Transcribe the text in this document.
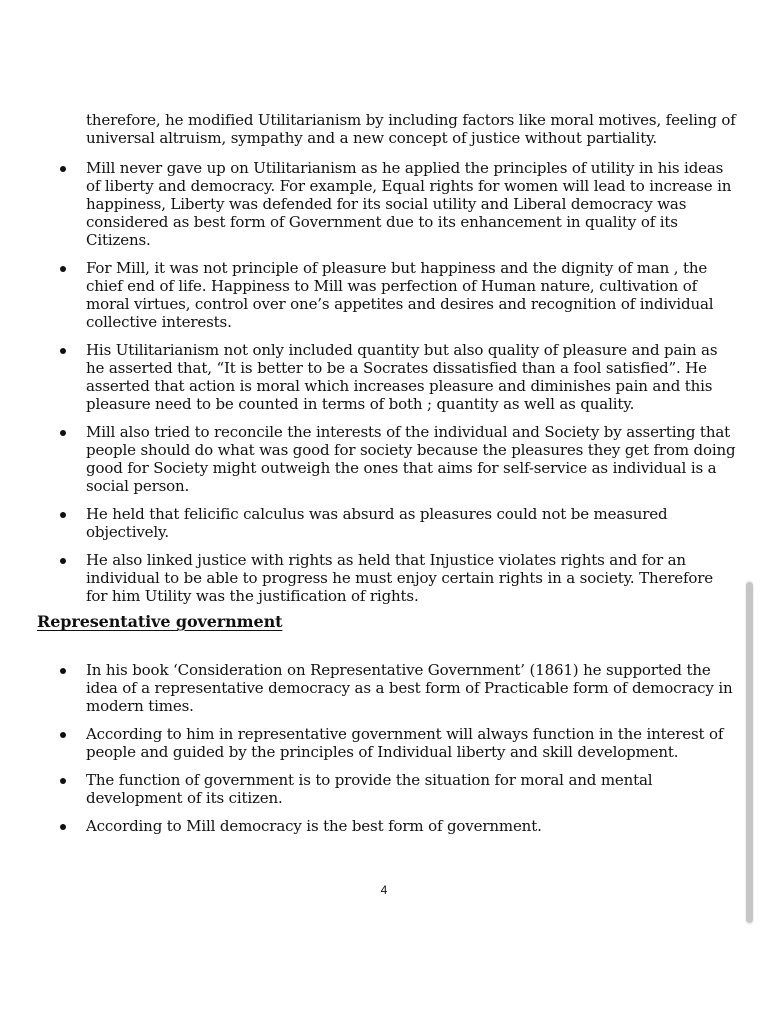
therefore, he modified Utilitarianism by including factors like moral motives, feeling of universal altruism, sympathy and a new concept of justice without partiality.

Mill never gave up on Utilitarianism as he applied the principles of utility in his ideas of liberty and democracy. For example, Equal rights for women will lead to increase in happiness, Liberty was defended for its social utility and Liberal democracy was considered as best form of Government due to its enhancement in quality of its Citizens.
For Mill, it was not principle of pleasure but happiness and the dignity of man , the chief end of life. Happiness to Mill was perfection of Human nature, cultivation of moral virtues, control over one’s appetites and desires and recognition of individual collective interests.
His Utilitarianism not only included quantity but also quality of pleasure and pain as he asserted that, “It is better to be a Socrates dissatisfied than a fool satisfied”. He asserted that action is moral which increases pleasure and diminishes pain and this pleasure need to be counted in terms of both ; quantity as well as quality.
Mill also tried to reconcile the interests of the individual and Society by asserting that people should do what was good for society because the pleasures they get from doing good for Society might outweigh the ones that aims for self-service as individual is a social person.
He held that felicific calculus was absurd as pleasures could not be measured objectively.
He also linked justice with rights as held that Injustice violates rights and for an individual to be able to progress he must enjoy certain rights in a society. Therefore for him Utility was the justification of rights.
Representative government
In his book ‘Consideration on Representative Government’ (1861) he supported the idea of a representative democracy as a best form of Practicable form of democracy in modern times.
According to him in representative government will always function in the interest of people and guided by the principles of Individual liberty and skill development.
The function of government is to provide the situation for moral and mental development of its citizen.
According to Mill democracy is the best form of government.
4
